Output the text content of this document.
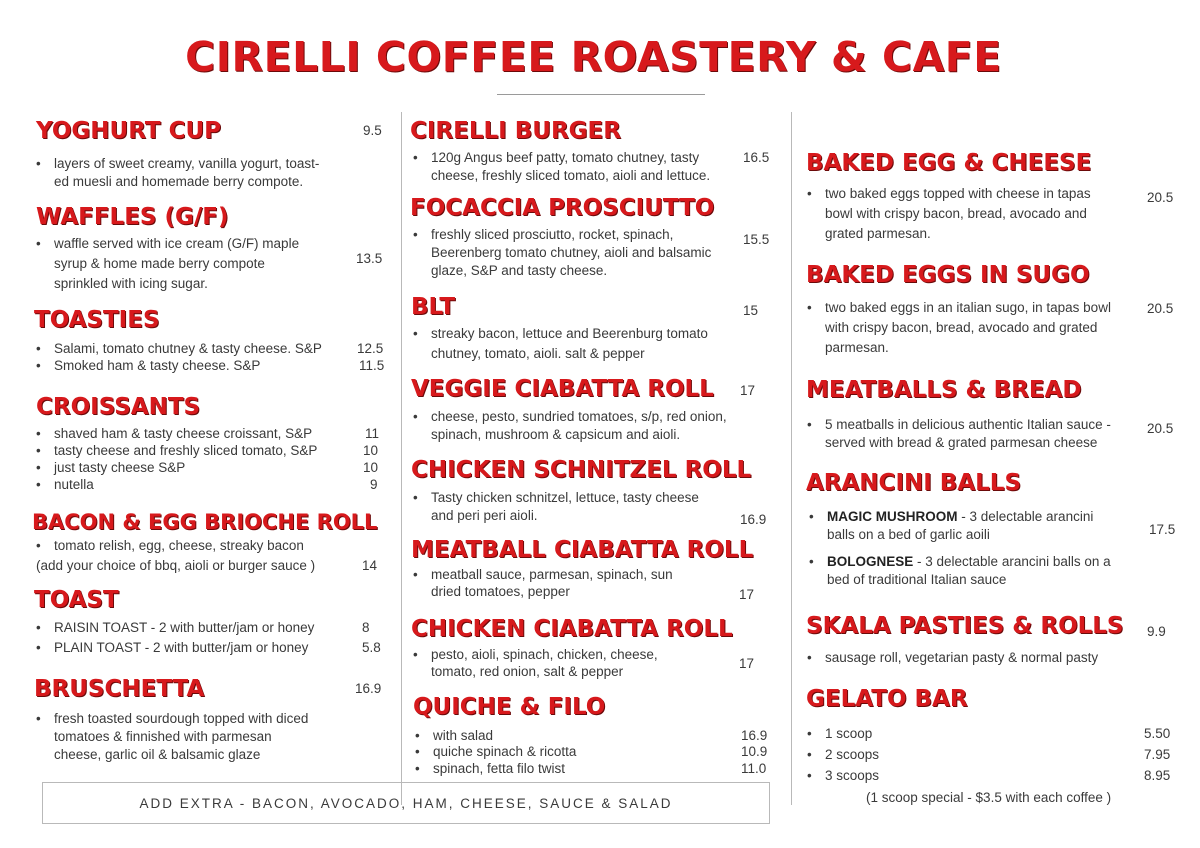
CIRELLI COFFEE ROASTERY & CAFE
YOGHURT CUP	9.5
• layers of sweet creamy, vanilla yogurt, toast-
ed muesli and homemade berry compote.
WAFFLES (G/F)
• waffle served with ice cream (G/F) maple
syrup & home made berry compote
sprinkled with icing sugar.
13.5
TOASTIES
• Salami, tomato chutney & tasty cheese. S&P	12.5
• Smoked ham & tasty cheese. S&P	11.5
CROISSANTS
• shaved ham & tasty cheese croissant, S&P	11
• tasty cheese and freshly sliced tomato, S&P	10
• just tasty cheese S&P	10
• nutella	9
BACON & EGG BRIOCHE ROLL
• tomato relish, egg, cheese, streaky bacon
(add your choice of bbq, aioli or burger sauce )	14
TOAST
• RAISIN TOAST - 2 with butter/jam or honey	8
• PLAIN TOAST - 2 with butter/jam or honey	5.8
BRUSCHETTA	16.9
• fresh toasted sourdough topped with diced
tomatoes & finnished with parmesan
cheese, garlic oil & balsamic glaze
CIRELLI BURGER
• 120g Angus beef patty, tomato chutney, tasty	16.5
cheese, freshly sliced tomato, aioli and lettuce.
FOCACCIA PROSCIUTTO
• freshly sliced prosciutto, rocket, spinach,	15.5
Beerenberg tomato chutney, aioli and balsamic
glaze, S&P and tasty cheese.
BLT	15
• streaky bacon, lettuce and Beerenburg tomato
chutney, tomato, aioli. salt & pepper
VEGGIE CIABATTA ROLL 17
• cheese, pesto, sundried tomatoes, s/p, red onion,
spinach, mushroom & capsicum and aioli.
CHICKEN SCHNITZEL ROLL
• Tasty chicken schnitzel, lettuce, tasty cheese
and peri peri aioli.	16.9
MEATBALL CIABATTA ROLL
• meatball sauce, parmesan, spinach, sun
dried tomatoes, pepper	17
CHICKEN CIABATTA ROLL
• pesto, aioli, spinach, chicken, cheese,
tomato, red onion, salt & pepper
17
QUICHE & FILO
• with salad	16.9
• quiche spinach & ricotta	10.9
• spinach, fetta filo twist	11.0
BAKED EGG & CHEESE
• two baked eggs topped with cheese in tapas	20.5
bowl with crispy bacon, bread, avocado and
grated parmesan.
BAKED EGGS IN SUGO
• two baked eggs in an italian sugo, in tapas bowl	20.5
with crispy bacon, bread, avocado and grated
parmesan.
MEATBALLS & BREAD
• 5 meatballs in delicious authentic Italian sauce -	20.5
served with bread & grated parmesan cheese
ARANCINI BALLS
• MAGIC MUSHROOM - 3 delectable arancini
balls on a bed of garlic aoili	17.5
• BOLOGNESE - 3 delectable arancini balls on a
bed of traditional Italian sauce
SKALA PASTIES & ROLLS 9.9
• sausage roll, vegetarian pasty & normal pasty
GELATO BAR
• 1 scoop	5.50
• 2 scoops	7.95
• 3 scoops	8.95
(1 scoop special - $3.5 with each coffee )
ADD EXTRA - BACON, AVOCADO, HAM, CHEESE, SAUCE & SALAD
